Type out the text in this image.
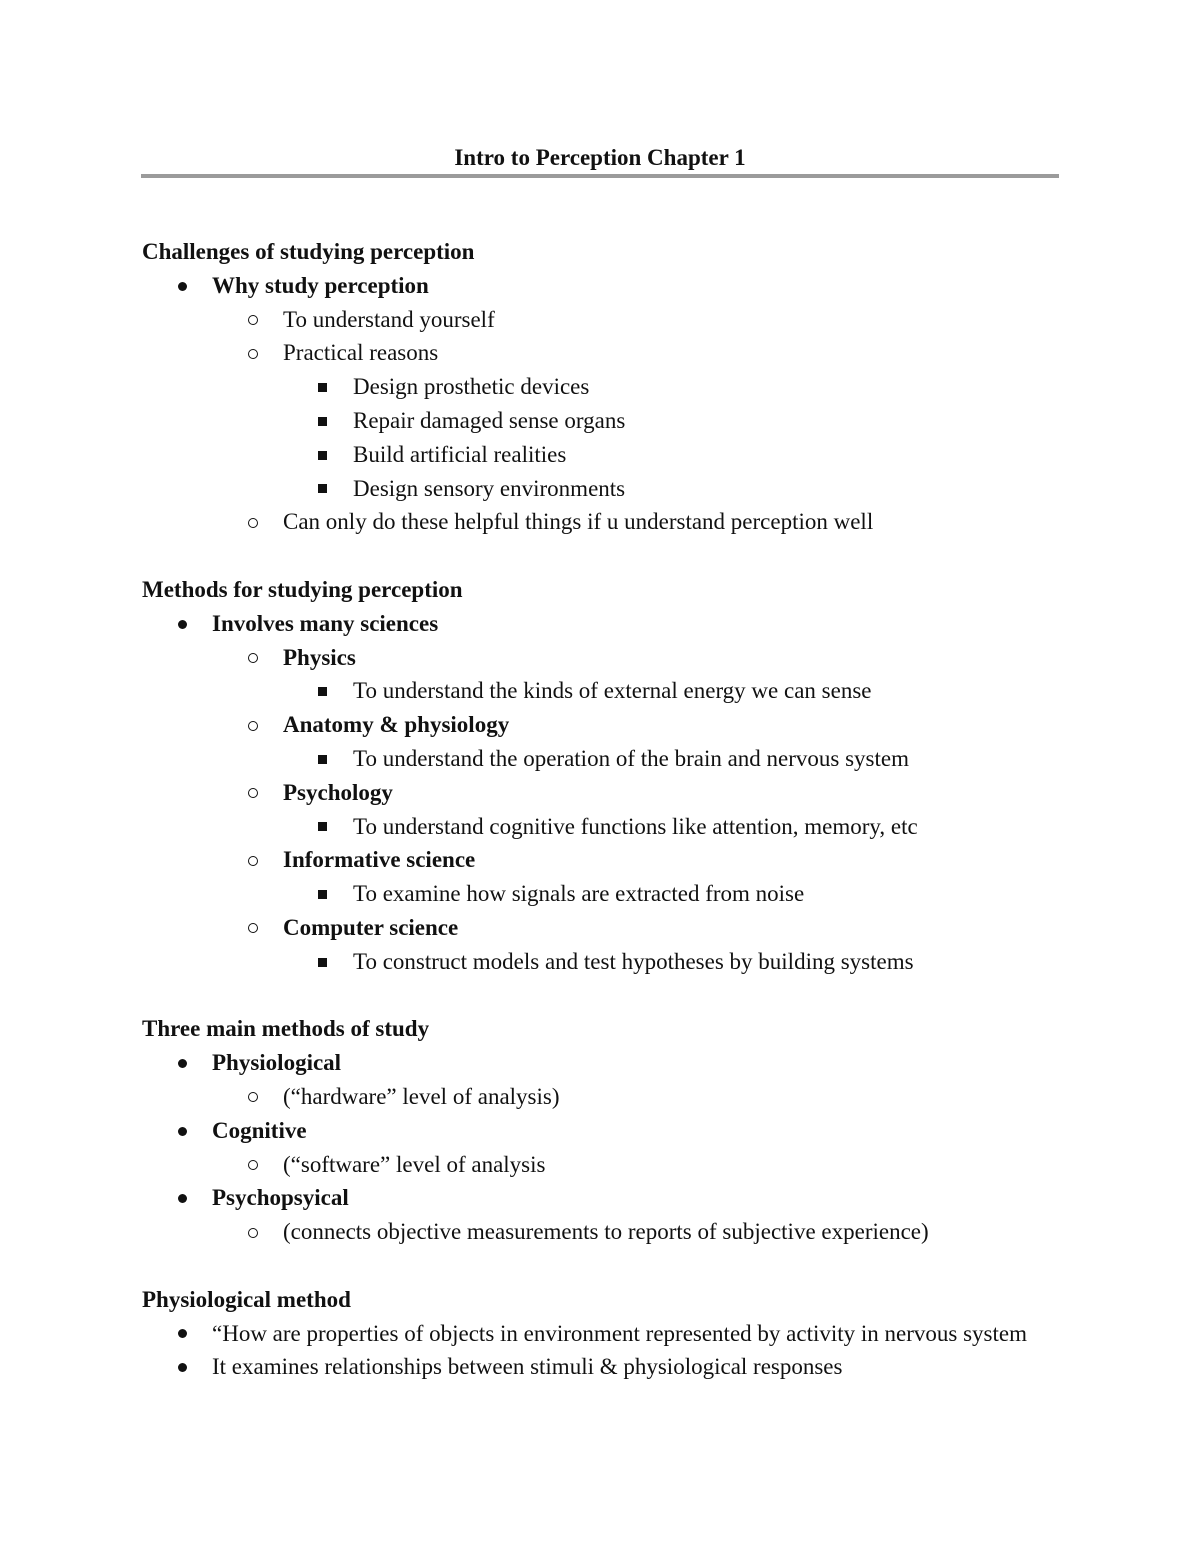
Intro to Perception Chapter 1
Challenges of studying perception
Why study perception
To understand yourself
Practical reasons
Design prosthetic devices
Repair damaged sense organs
Build artificial realities
Design sensory environments
Can only do these helpful things if u understand perception well
Methods for studying perception
Involves many sciences
Physics
To understand the kinds of external energy we can sense
Anatomy & physiology
To understand the operation of the brain and nervous system
Psychology
To understand cognitive functions like attention, memory, etc
Informative science
To examine how signals are extracted from noise
Computer science
To construct models and test hypotheses by building systems
Three main methods of study
Physiological
(“hardware” level of analysis)
Cognitive
(“software” level of analysis
Psychopsyical
(connects objective measurements to reports of subjective experience)
Physiological method
“How are properties of objects in environment represented by activity in nervous system
It examines relationships between stimuli & physiological responses
